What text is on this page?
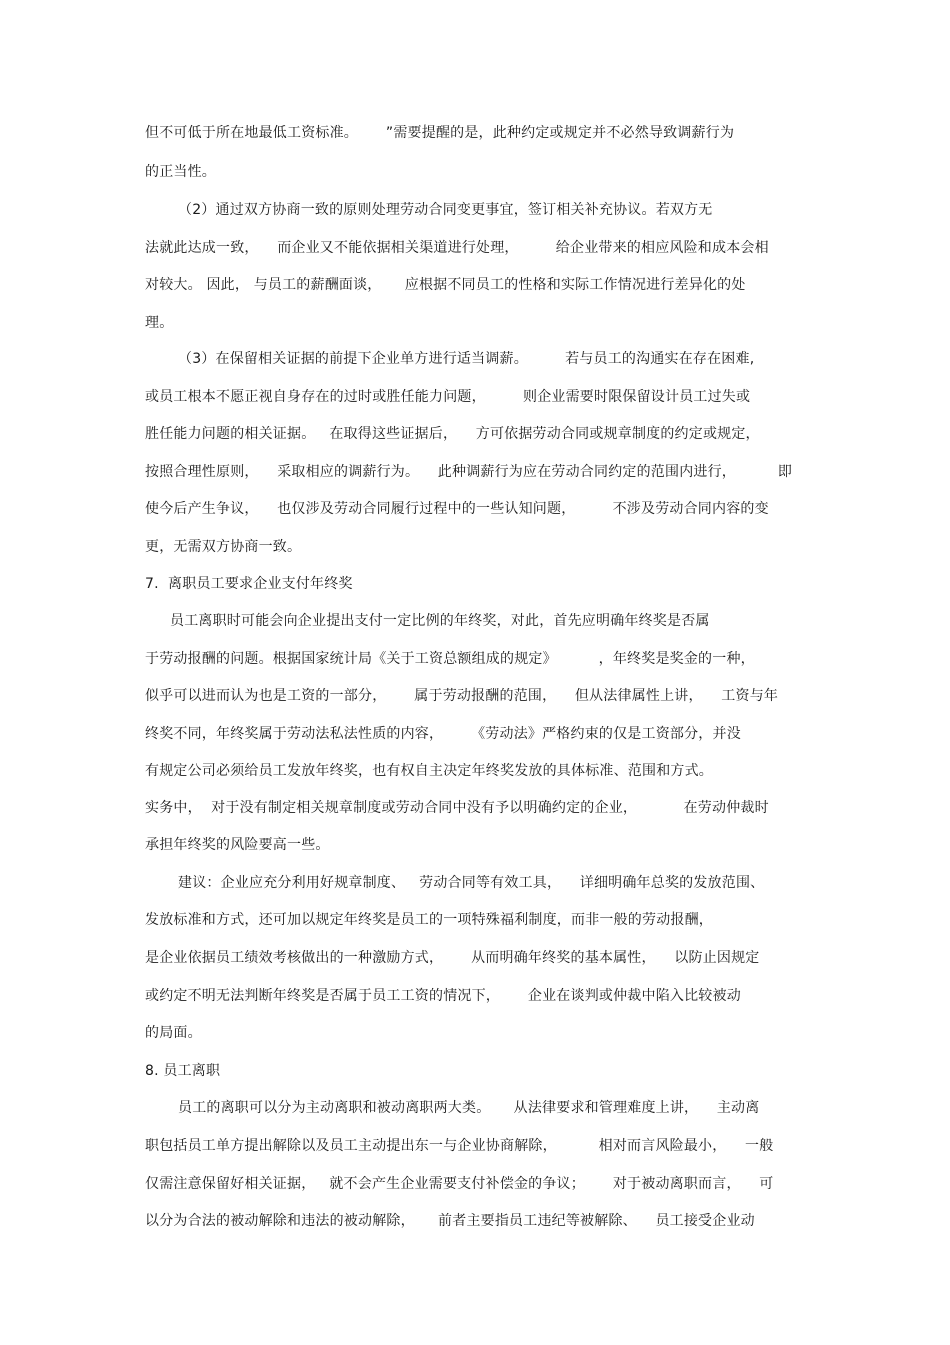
但不可低于所在地最低工资标准。      ”需要提醒的是，此种约定或规定并不必然导致调薪行为
的正当性。
（2）通过双方协商一致的原则处理劳动合同变更事宜，签订相关补充协议。若双方无
法就此达成一致，    而企业又不能依据相关渠道进行处理，        给企业带来的相应风险和成本会相
对较大。 因此， 与员工的薪酬面谈，     应根据不同员工的性格和实际工作情况进行差异化的处
理。
（3）在保留相关证据的前提下企业单方进行适当调薪。        若与员工的沟通实在存在困难,
或员工根本不愿正视自身存在的过时或胜任能力问题，        则企业需要时限保留设计员工过失或
胜任能力问题的相关证据。   在取得这些证据后，    方可依据劳动合同或规章制度的约定或规定，
按照合理性原则，    采取相应的调薪行为。    此种调薪行为应在劳动合同约定的范围内进行，         即
使今后产生争议，    也仅涉及劳动合同履行过程中的一些认知问题，        不涉及劳动合同内容的变
更，无需双方协商一致。
7.  离职员工要求企业支付年终奖
员工离职时可能会向企业提出支付一定比例的年终奖，对此，首先应明确年终奖是否属
于劳动报酬的问题。根据国家统计局《关于工资总额组成的规定》         ，年终奖是奖金的一种，
似乎可以进而认为也是工资的一部分，      属于劳动报酬的范围，    但从法律属性上讲，    工资与年
终奖不同，年终奖属于劳动法私法性质的内容，      《劳动法》严格约束的仅是工资部分，并没
有规定公司必须给员工发放年终奖，也有权自主决定年终奖发放的具体标准、范围和方式。
实务中，  对于没有制定相关规章制度或劳动合同中没有予以明确约定的企业，          在劳动仲裁时
承担年终奖的风险要高一些。
建议：企业应充分利用好规章制度、   劳动合同等有效工具，    详细明确年总奖的发放范围、
发放标准和方式，还可加以规定年终奖是员工的一项特殊福利制度，而非一般的劳动报酬，
是企业依据员工绩效考核做出的一种激励方式，      从而明确年终奖的基本属性，    以防止因规定
或约定不明无法判断年终奖是否属于员工工资的情况下，      企业在谈判或仲裁中陷入比较被动
的局面。
8. 员工离职
员工的离职可以分为主动离职和被动离职两大类。     从法律要求和管理难度上讲，    主动离
职包括员工单方提出解除以及员工主动提出东一与企业协商解除，         相对而言风险最小，    一般
仅需注意保留好相关证据，   就不会产生企业需要支付补偿金的争议；      对于被动离职而言，    可
以分为合法的被动解除和违法的被动解除，     前者主要指员工违纪等被解除、    员工接受企业动
